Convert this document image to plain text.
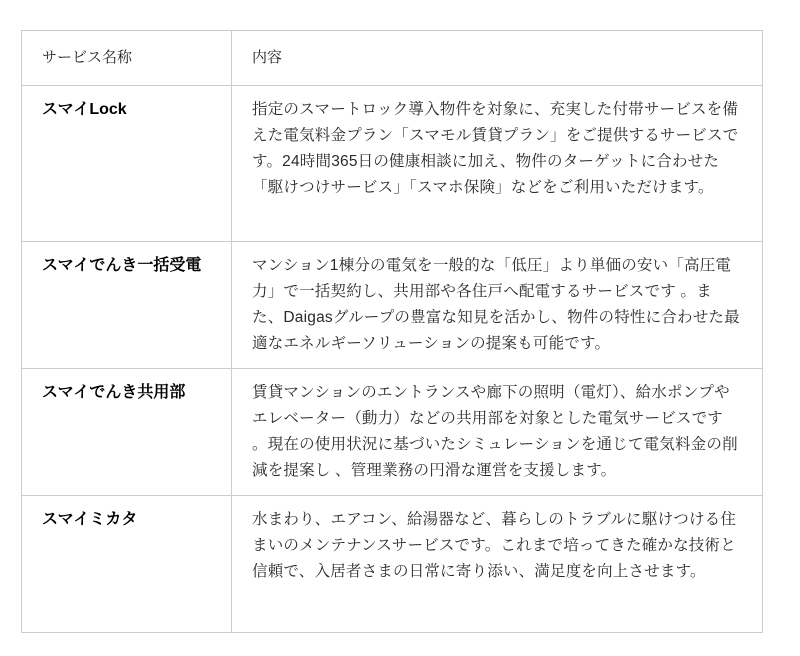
サービス名称	内容
スマイLock	指定のスマートロック導入物件を対象に、充実した付帯サービスを備えた電気料金プラン「スマモル賃貸プラン」をご提供するサービスです。24時間365日の健康相談に加え、物件のターゲットに合わせた「駆けつけサービス」「スマホ保険」などをご利用いただけます。
スマイでんき一括受電	マンション1棟分の電気を一般的な「低圧」より単価の安い「高圧電力」で一括契約し、共用部や各住戸へ配電するサービスです 。また、Daigasグループの豊富な知見を活かし、物件の特性に合わせた最適なエネルギーソリューションの提案も可能です。
スマイでんき共用部	賃貸マンションのエントランスや廊下の照明（電灯）、給水ポンプやエレベーター（動力）などの共用部を対象とした電気サービスです 。現在の使用状況に基づいたシミュレーションを通じて電気料金の削減を提案し 、管理業務の円滑な運営を支援します。
スマイミカタ	水まわり、エアコン、給湯器など、暮らしのトラブルに駆けつける住まいのメンテナンスサービスです。これまで培ってきた確かな技術と信頼で、入居者さまの日常に寄り添い、満足度を向上させます。
